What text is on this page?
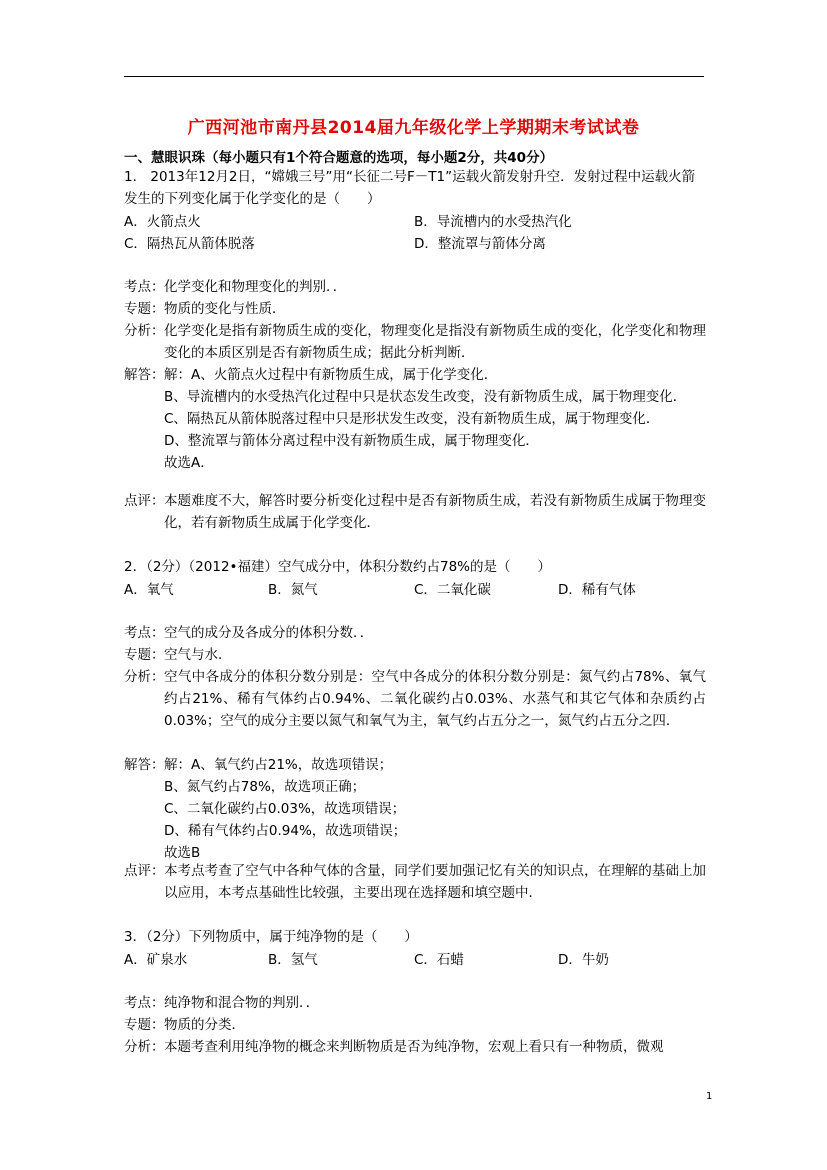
广西河池市南丹县2014届九年级化学上学期期末考试试卷
一、慧眼识珠（每小题只有1个符合题意的选项，每小题2分，共40分）
1． 2013年12月2日，“嫦娥三号”用“长征二号F－T1”运载火箭发射升空．发射过程中运载火箭发生的下列变化属于化学变化的是（　　）
A．火箭点火	B．导流槽内的水受热汽化
C．隔热瓦从箭体脱落	D．整流罩与箭体分离
考点： 化学变化和物理变化的判别．．
专题： 物质的变化与性质．
分析： 化学变化是指有新物质生成的变化，物理变化是指没有新物质生成的变化，化学变化和物理变化的本质区别是否有新物质生成；据此分析判断．
解答： 解：A、火箭点火过程中有新物质生成，属于化学变化．
B、导流槽内的水受热汽化过程中只是状态发生改变，没有新物质生成，属于物理变化．
C、隔热瓦从箭体脱落过程中只是形状发生改变，没有新物质生成，属于物理变化．
D、整流罩与箭体分离过程中没有新物质生成，属于物理变化．
故选A．
点评： 本题难度不大，解答时要分析变化过程中是否有新物质生成，若没有新物质生成属于物理变化，若有新物质生成属于化学变化．
2．（2分）（2012•福建）空气成分中，体积分数约占78%的是（　　）
A．氧气	B．氮气	C．二氧化碳	D．稀有气体
考点： 空气的成分及各成分的体积分数．．
专题： 空气与水．
分析： 空气中各成分的体积分数分别是：空气中各成分的体积分数分别是：氮气约占78%、氧气约占21%、稀有气体约占0.94%、二氧化碳约占0.03%、水蒸气和其它气体和杂质约占0.03%；空气的成分主要以氮气和氧气为主，氧气约占五分之一，氮气约占五分之四．
解答： 解：A、氧气约占21%，故选项错误；
B、氮气约占78%，故选项正确；
C、二氧化碳约占0.03%，故选项错误；
D、稀有气体约占0.94%，故选项错误；
故选B
点评： 本考点考查了空气中各种气体的含量，同学们要加强记忆有关的知识点，在理解的基础上加以应用，本考点基础性比较强，主要出现在选择题和填空题中．
3．（2分）下列物质中，属于纯净物的是（　　）
A．矿泉水	B．氢气	C．石蜡	D．牛奶
考点： 纯净物和混合物的判别．．
专题： 物质的分类．
分析： 本题考查利用纯净物的概念来判断物质是否为纯净物，宏观上看只有一种物质，微观
1
